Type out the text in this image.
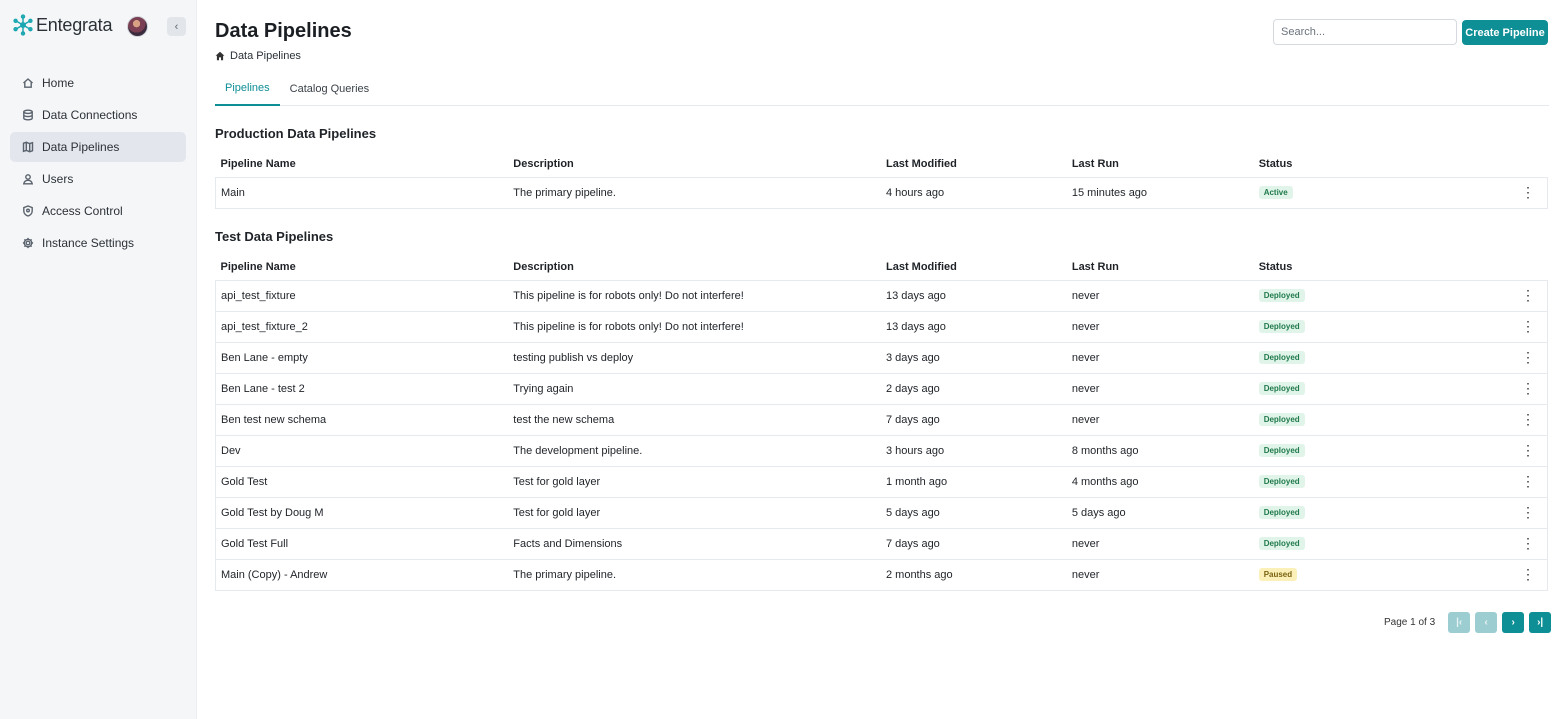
Entegrata	‹
Home
Data Connections
Data Pipelines
Users
Access Control
Instance Settings
Data Pipelines
Data Pipelines
Search...
Create Pipeline
Pipelines	Catalog Queries
Production Data Pipelines
Pipeline Name	Description	Last Modified	Last Run	Status	
Main	The primary pipeline.	4 hours ago	15 minutes ago	Active	⋮
Test Data Pipelines
Pipeline Name	Description	Last Modified	Last Run	Status	
api_test_fixture	This pipeline is for robots only! Do not interfere!	13 days ago	never	Deployed	⋮
api_test_fixture_2	This pipeline is for robots only! Do not interfere!	13 days ago	never	Deployed	⋮
Ben Lane - empty	testing publish vs deploy	3 days ago	never	Deployed	⋮
Ben Lane - test 2	Trying again	2 days ago	never	Deployed	⋮
Ben test new schema	test the new schema	7 days ago	never	Deployed	⋮
Dev	The development pipeline.	3 hours ago	8 months ago	Deployed	⋮
Gold Test	Test for gold layer	1 month ago	4 months ago	Deployed	⋮
Gold Test by Doug M	Test for gold layer	5 days ago	5 days ago	Deployed	⋮
Gold Test Full	Facts and Dimensions	7 days ago	never	Deployed	⋮
Main (Copy) - Andrew	The primary pipeline.	2 months ago	never	Paused	⋮
Page 1 of 3 |‹ ‹ › ›|
